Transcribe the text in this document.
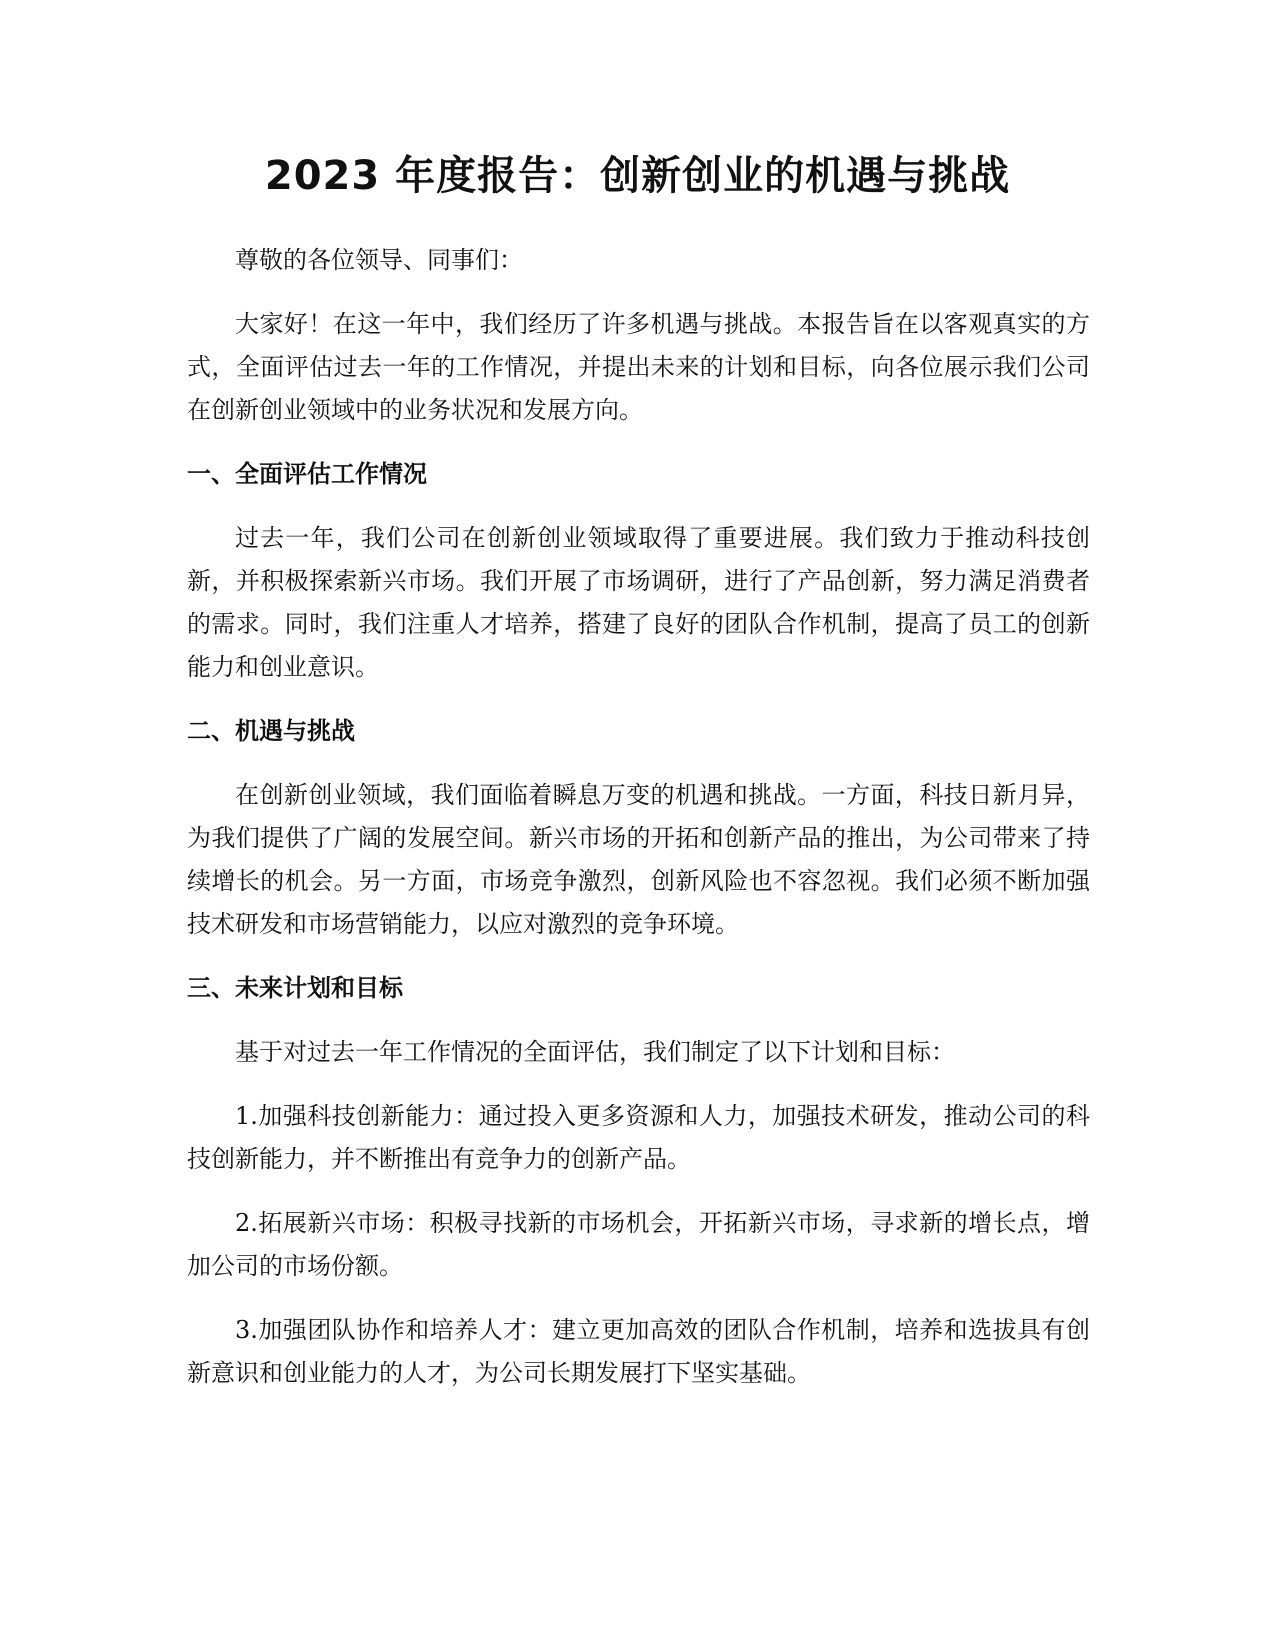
2023 年度报告：创新创业的机遇与挑战

尊敬的各位领导、同事们：

大家好！在这一年中，我们经历了许多机遇与挑战。本报告旨在以客观真实的方式，全面评估过去一年的工作情况，并提出未来的计划和目标，向各位展示我们公司在创新创业领域中的业务状况和发展方向。

一、全面评估工作情况

过去一年，我们公司在创新创业领域取得了重要进展。我们致力于推动科技创新，并积极探索新兴市场。我们开展了市场调研，进行了产品创新，努力满足消费者的需求。同时，我们注重人才培养，搭建了良好的团队合作机制，提高了员工的创新能力和创业意识。

二、机遇与挑战

在创新创业领域，我们面临着瞬息万变的机遇和挑战。一方面，科技日新月异，为我们提供了广阔的发展空间。新兴市场的开拓和创新产品的推出，为公司带来了持续增长的机会。另一方面，市场竞争激烈，创新风险也不容忽视。我们必须不断加强技术研发和市场营销能力，以应对激烈的竞争环境。

三、未来计划和目标

基于对过去一年工作情况的全面评估，我们制定了以下计划和目标：

1.加强科技创新能力：通过投入更多资源和人力，加强技术研发，推动公司的科技创新能力，并不断推出有竞争力的创新产品。

2.拓展新兴市场：积极寻找新的市场机会，开拓新兴市场，寻求新的增长点，增加公司的市场份额。

3.加强团队协作和培养人才：建立更加高效的团队合作机制，培养和选拔具有创新意识和创业能力的人才，为公司长期发展打下坚实基础。
